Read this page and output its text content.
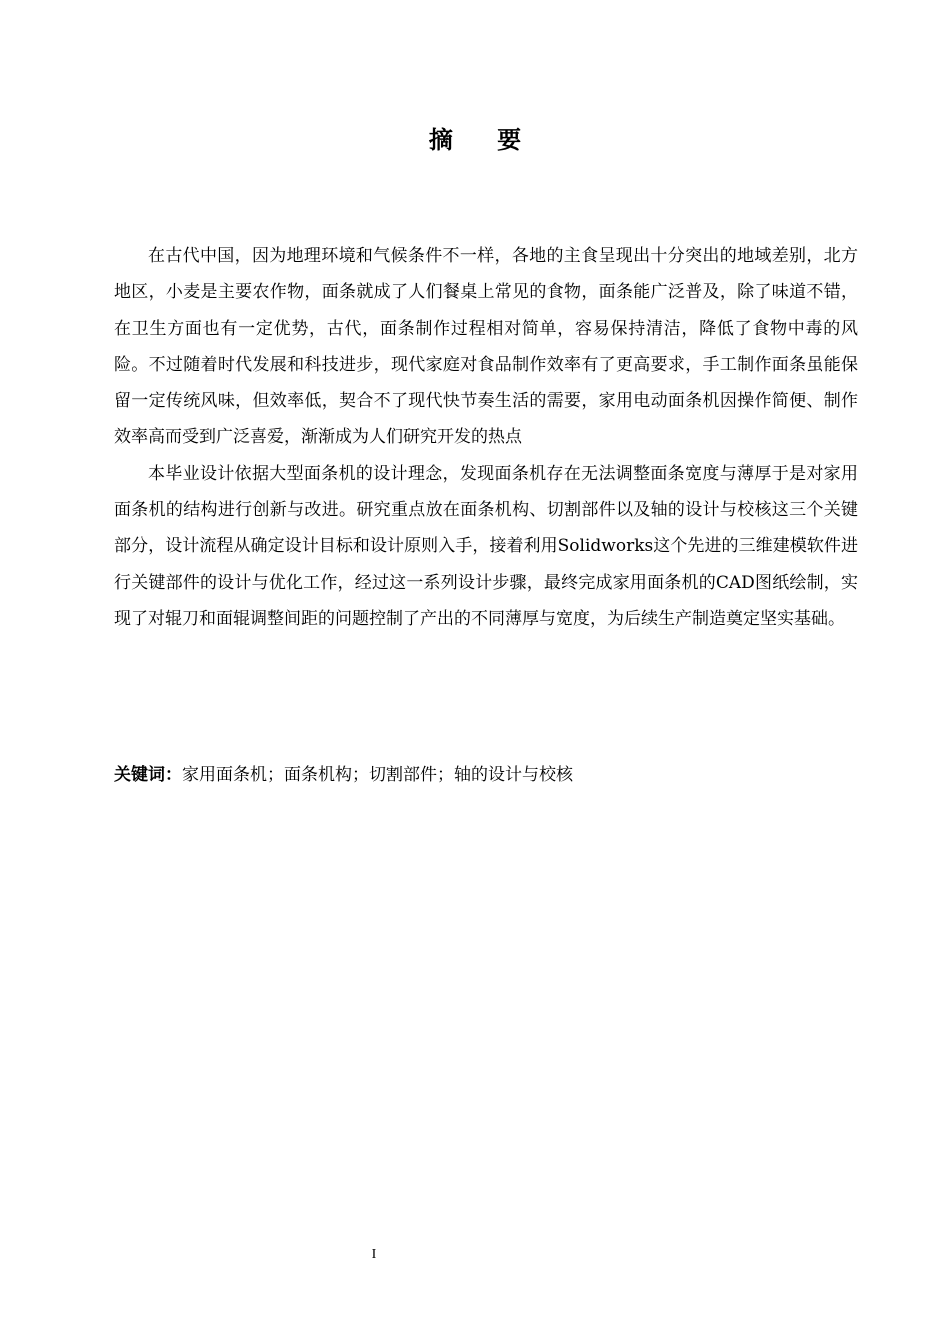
摘 要

在古代中国，因为地理环境和气候条件不一样，各地的主食呈现出十分突出的地域差别，北方地区，小麦是主要农作物，面条就成了人们餐桌上常见的食物，面条能广泛普及，除了味道不错，在卫生方面也有一定优势，古代，面条制作过程相对简单，容易保持清洁，降低了食物中毒的风险。不过随着时代发展和科技进步，现代家庭对食品制作效率有了更高要求，手工制作面条虽能保留一定传统风味，但效率低，契合不了现代快节奏生活的需要，家用电动面条机因操作简便、制作效率高而受到广泛喜爱，渐渐成为人们研究开发的热点

本毕业设计依据大型面条机的设计理念，发现面条机存在无法调整面条宽度与薄厚于是对家用面条机的结构进行创新与改进。研究重点放在面条机构、切割部件以及轴的设计与校核这三个关键部分，设计流程从确定设计目标和设计原则入手，接着利用Solidworks这个先进的三维建模软件进行关键部件的设计与优化工作，经过这一系列设计步骤，最终完成家用面条机的CAD图纸绘制，实现了对辊刀和面辊调整间距的问题控制了产出的不同薄厚与宽度，为后续生产制造奠定坚实基础。

关键词：家用面条机；面条机构；切割部件；轴的设计与校核
I
